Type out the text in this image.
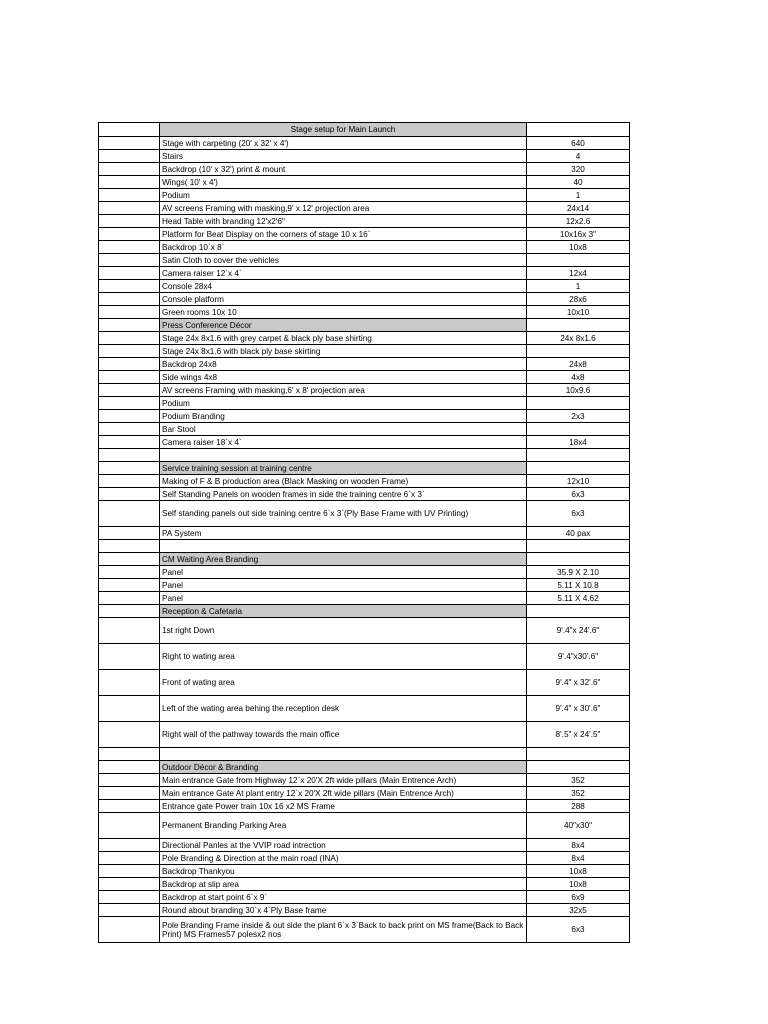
	Stage setup for Main Launch	
	Stage with carpeting (20' x 32' x 4')	640
	Stairs	4
	Backdrop (10' x 32') print & mount	320
	Wings( 10' x 4')	40
	Podium	1
	AV screens Framing with masking,9' x 12' projection area	24x14
	Head Table with branding 12'x2'6"	12x2.6
	Platform for Beat Display on the corners of stage 10 x 16`	10x16x 3"
	Backdrop 10`x 8`	10x8
	Satin Cloth to cover the vehicles	
	Camera raiser 12`x 4`	12x4
	Console 28x4	1
	Console platform	28x6
	Green rooms 10x 10	10x10
	Press Conference Décor	
	Stage 24x 8x1.6 with grey carpet & black ply base shirting	24x 8x1.6
	Stage 24x 8x1.6 with black ply base skirting	
	Backdrop 24x8	24x8
	Side wings 4x8	4x8
	AV screens Framing with masking,6' x 8' projection area	10x9.6
	Podium	
	Podium Branding	2x3
	Bar Stool	
	Camera raiser 18`x 4`	18x4

	Service training session at training centre	
	Making of F & B production area (Black Masking on wooden Frame)	12x10
	Self Standing Panels on wooden frames in side the training centre 6`x 3`	6x3
	Self standing panels out side training centre 6`x 3`(Ply Base Frame with UV Printing)	6x3
	PA System	40 pax

	CM Waiting Area Branding	
	Panel	35.9 X 2.10
	Panel	5.11 X 10.8
	Panel	5.11 X 4.62
	Reception & Cafetaria	
	1st right Down	9'.4"x 24'.6"
	Right to wating area	9'.4"x30'.6"
	Front of wating area	9'.4" x 32'.6"
	Left of the wating area behing the reception desk	9'.4" x 30'.6"
	Right wall of the pathway towards the main office	8'.5" x 24'.5"

	Outdoor Décor & Branding	
	Main entrance Gate from Highway 12`x 20'X 2ft wide pillars (Main Entrence Arch)	352
	Main entrance Gate At plant entry 12`x 20'X 2ft wide pillars (Main Entrence Arch)	352
	Entrance gate Power train 10x 16 x2 MS Frame	288
	Permanent Branding Parking Area	40"x30"
	Directional Panles at the VVIP road intrection	8x4
	Pole Branding & Direction at the main road (INA)	8x4
	Backdrop Thankyou	10x8
	Backdrop at slip area	10x8
	Backdrop at start point 6`x 9`	6x9
	Round about branding 30`x 4`Ply Base frame	32x5
	Pole Branding Frame inside & out side the plant 6`x 3`Back to back print on MS frame(Back to Back Print) MS Frames57 polesx2 nos	6x3
